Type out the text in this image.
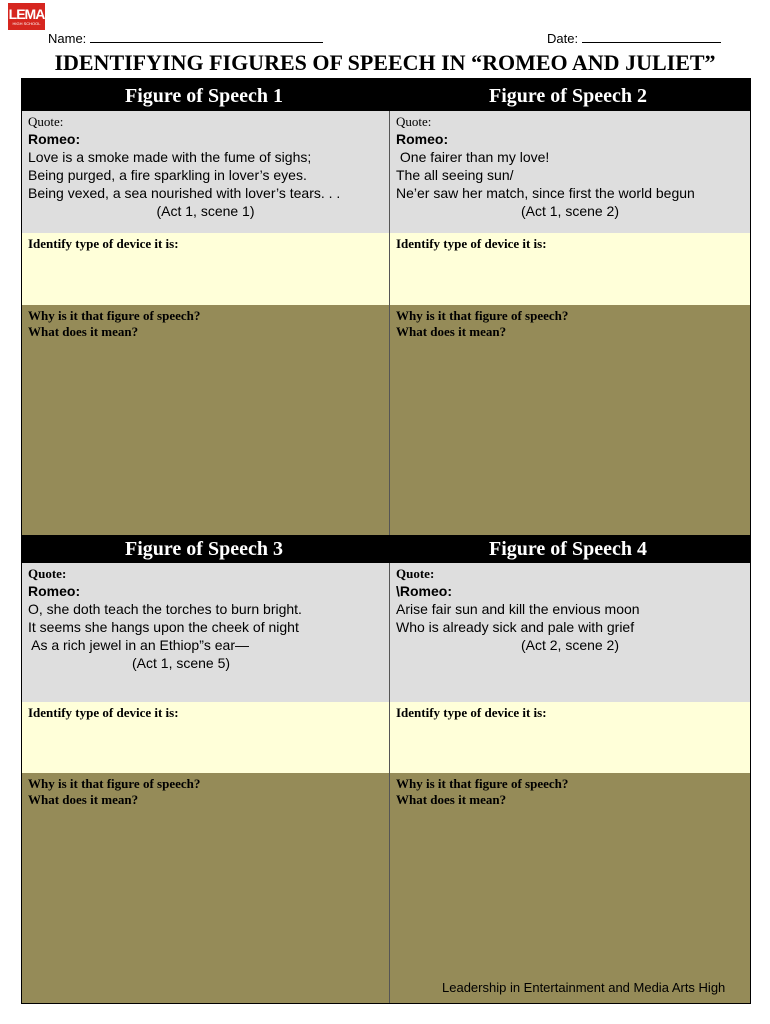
LEMA
HIGH SCHOOL
Name:	Date:
IDENTIFYING FIGURES OF SPEECH IN “ROMEO AND JULIET”
Figure of Speech 1	Figure of Speech 2
Quote:
Romeo:
Love is a smoke made with the fume of sighs;
Being purged, a fire sparkling in lover’s eyes.
Being vexed, a sea nourished with lover’s tears. . .
(Act 1, scene 1)
Identify type of device it is:
Why is it that figure of speech?
What does it mean?
Quote:
Romeo:
One fairer than my love!
The all seeing sun/
Ne’er saw her match, since first the world begun
(Act 1, scene 2)
Identify type of device it is:
Why is it that figure of speech?
What does it mean?
Figure of Speech 3	Figure of Speech 4
Quote:
Romeo:
O, she doth teach the torches to burn bright.
It seems she hangs upon the cheek of night
As a rich jewel in an Ethiop”s ear—
(Act 1, scene 5)
Identify type of device it is:
Why is it that figure of speech?
What does it mean?
Quote:
\Romeo:
Arise fair sun and kill the envious moon
Who is already sick and pale with grief
(Act 2, scene 2)
Identify type of device it is:
Why is it that figure of speech?
What does it mean?
Leadership in Entertainment and Media Arts High
